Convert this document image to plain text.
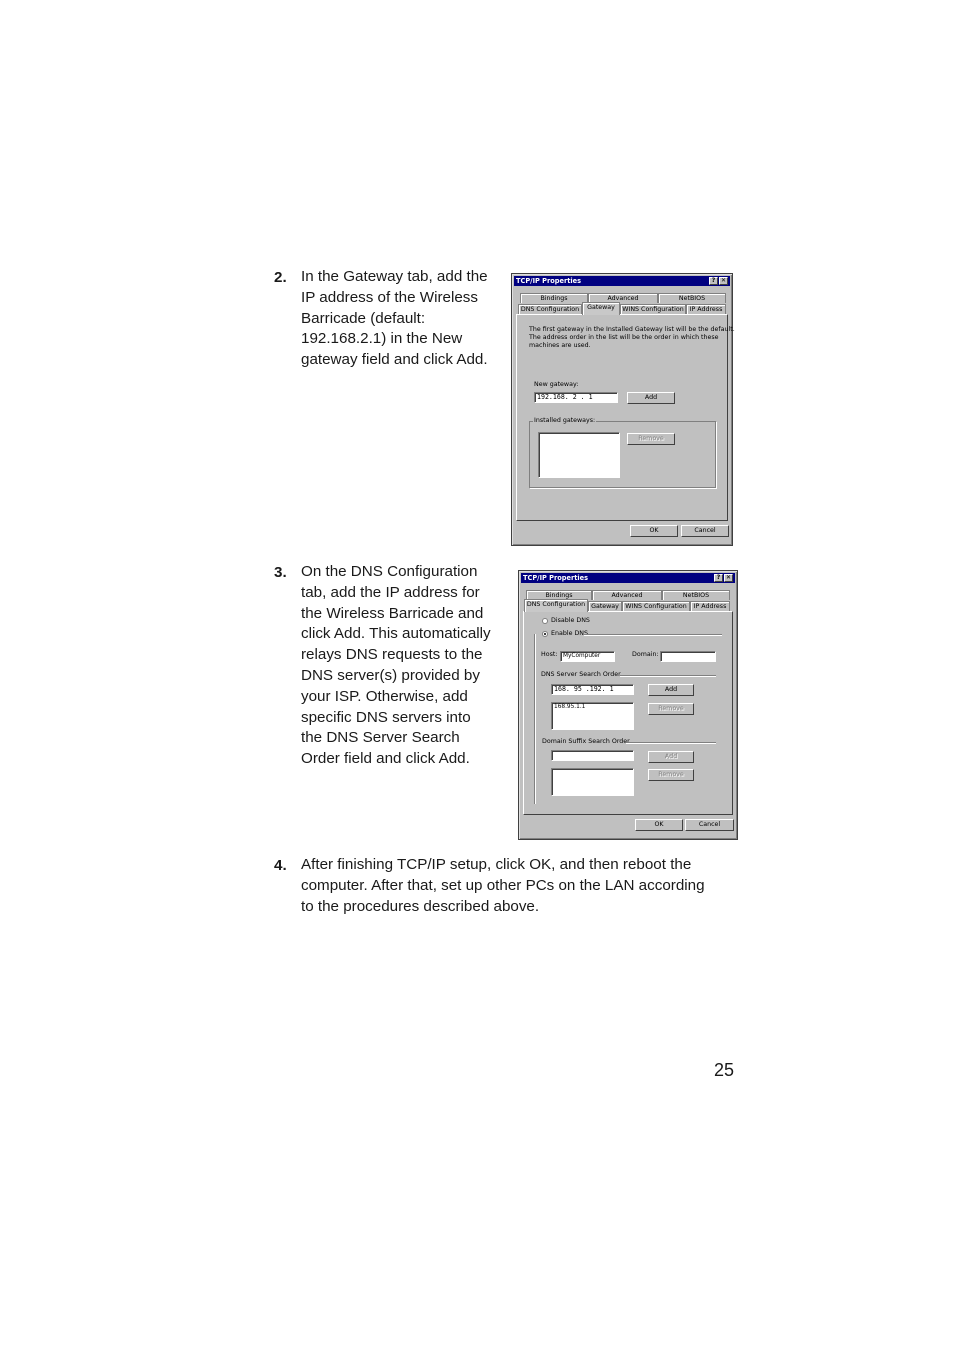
2. In the Gateway tab, add the
IP address of the Wireless
Barricade (default:
192.168.2.1) in the New
gateway field and click Add.
TCP/IP Properties	? ✕
Bindings	Advanced	NetBIOS
DNS Configuration	Gateway	WINS Configuration IP Address
The first gateway in the Installed Gateway list will be the default.
The address order in the list will be the order in which these
machines are used.
New gateway:
192.168. 2 . 1	Add
Installed gateways:
Remove
OK	Cancel
3. On the DNS Configuration
tab, add the IP address for
the Wireless Barricade and
click Add. This automatically
relays DNS requests to the
DNS server(s) provided by
your ISP. Otherwise, add
specific DNS servers into
the DNS Server Search
Order field and click Add.
TCP/IP Properties	? ✕
Bindings	Advanced	NetBIOS
DNS Configuration Gateway	WINS Configuration	IP Address
Disable DNS
Enable DNS
Host: MyComputer	Domain:
DNS Server Search Order
168. 95 .192. 1	Add
168.95.1.1	Remove
Domain Suffix Search Order
Add
Remove
OK	Cancel
4. After finishing TCP/IP setup, click OK, and then reboot the
computer. After that, set up other PCs on the LAN according
to the procedures described above.
25
